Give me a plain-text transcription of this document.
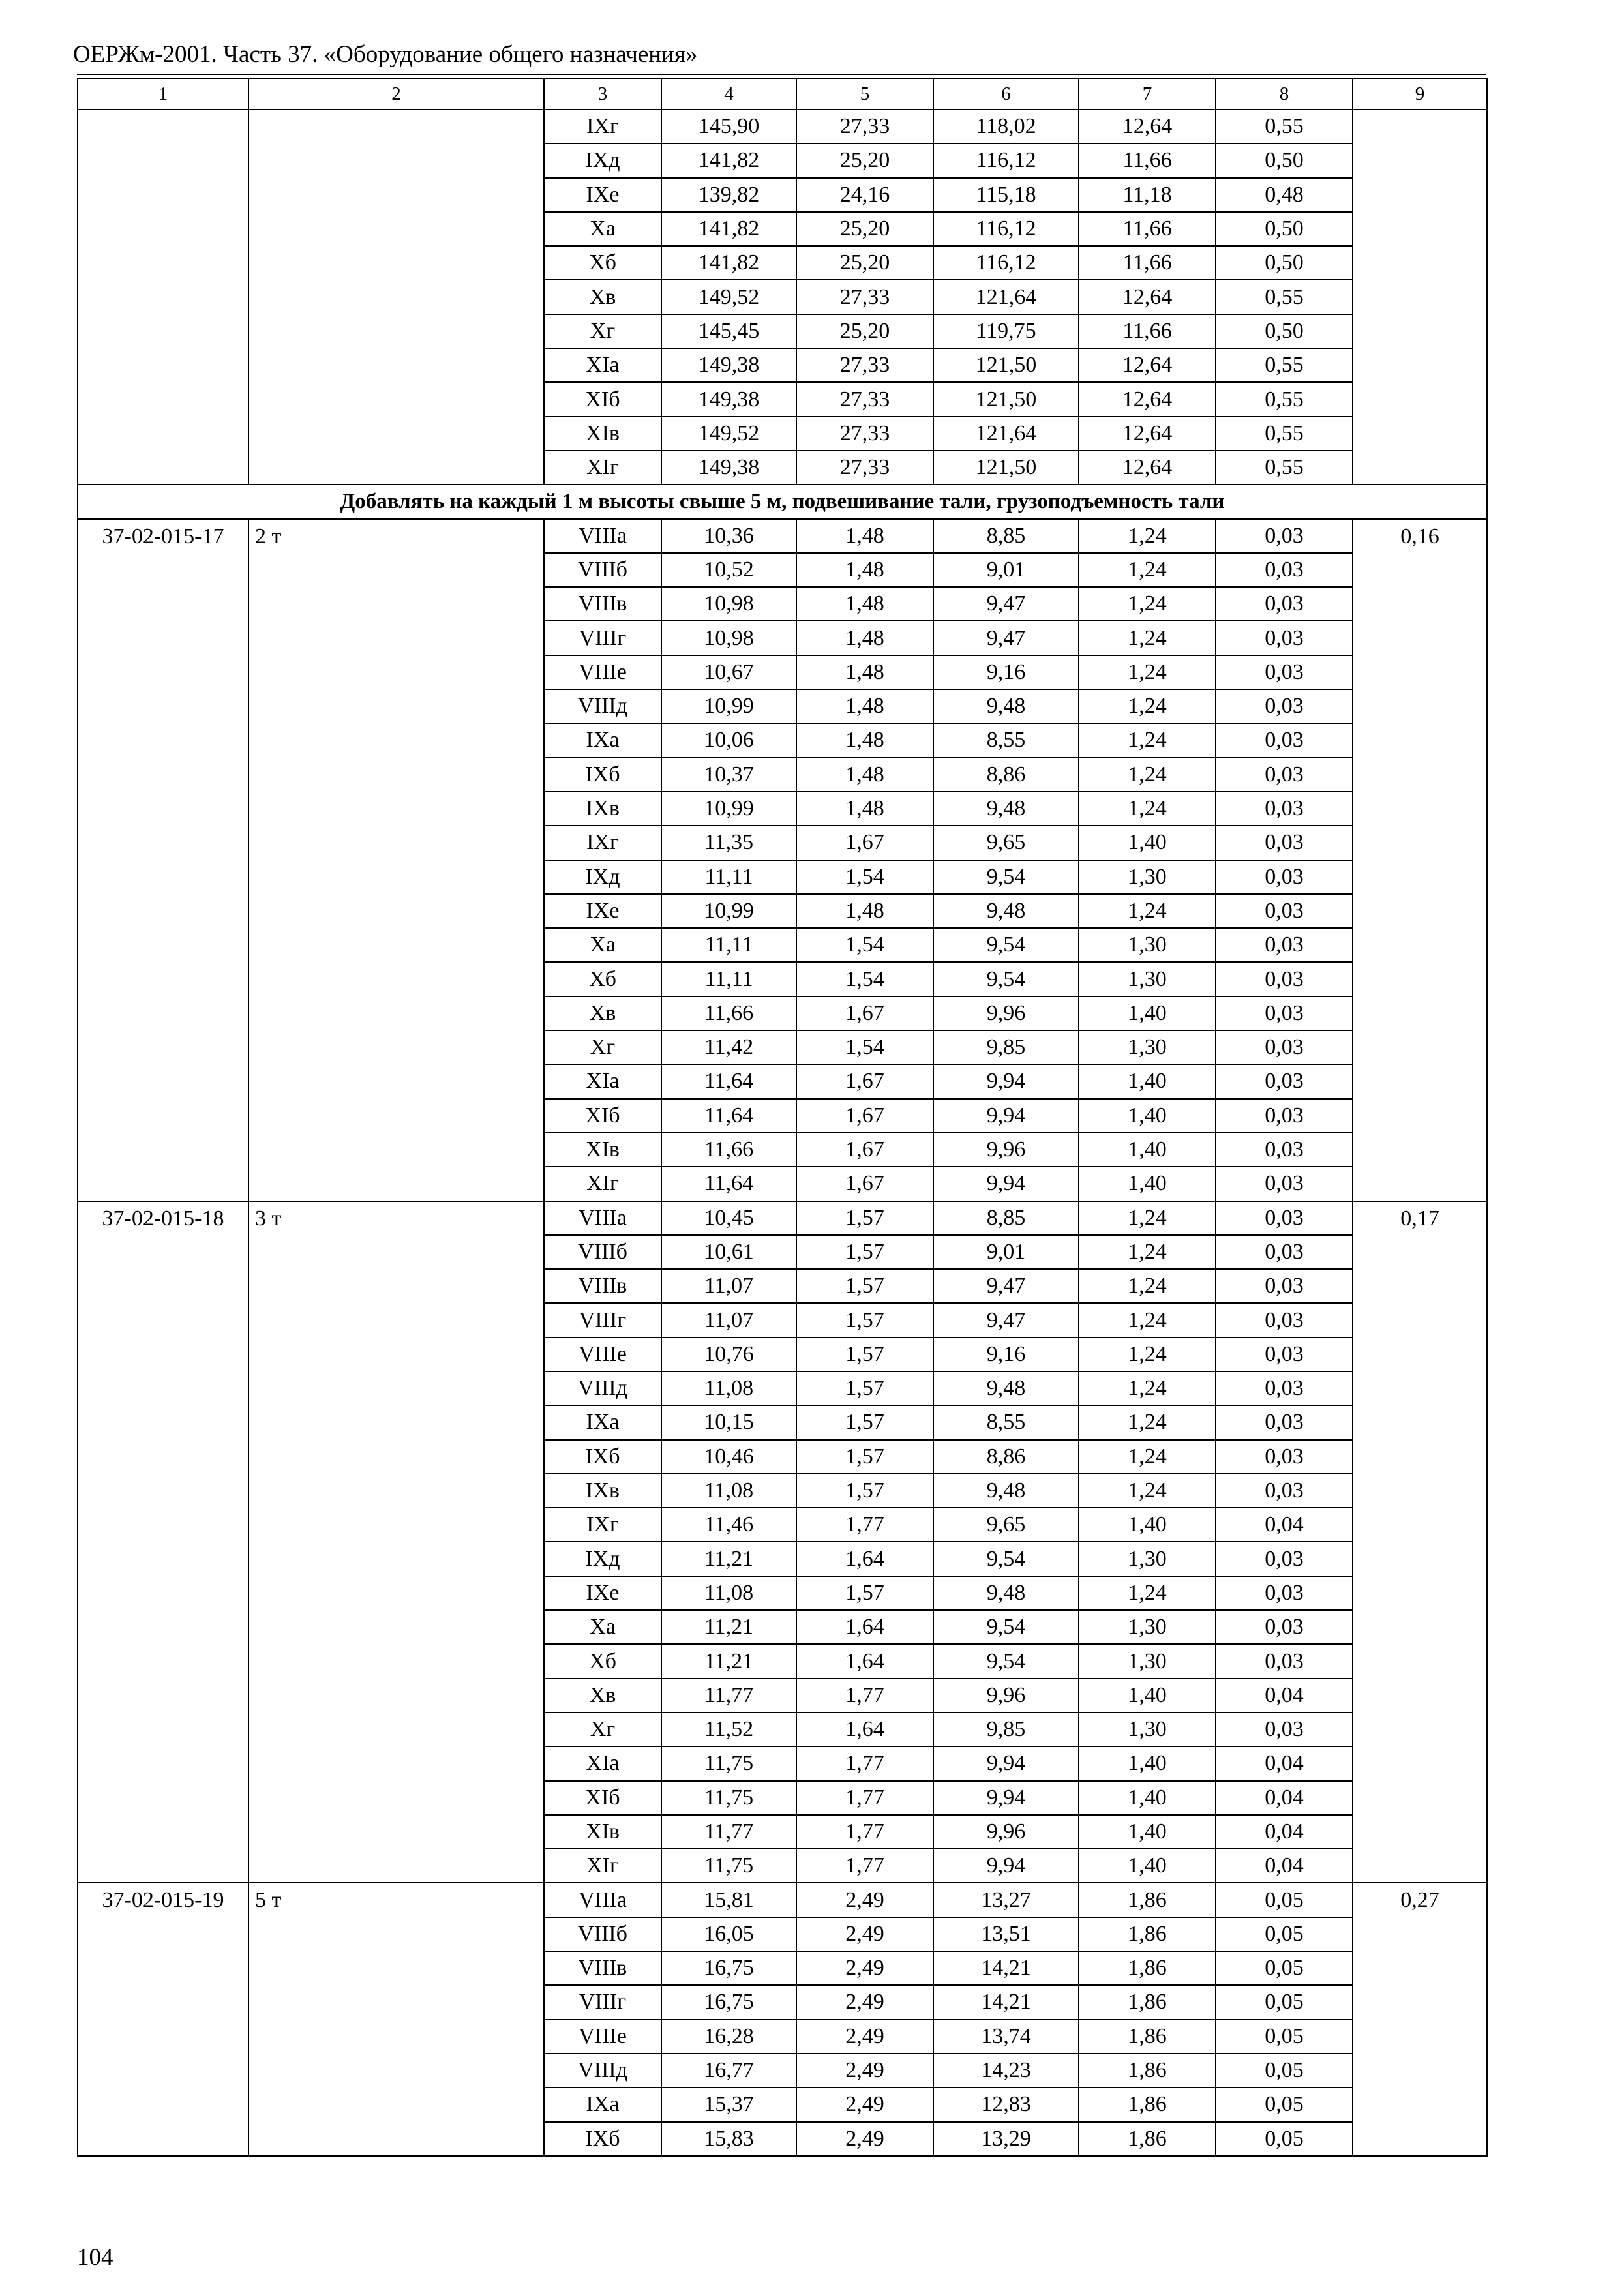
ОЕРЖм-2001. Часть 37. «Оборудование общего назначения»
1	2	3	4	5	6	7	8	9
		IXг	145,90	27,33	118,02	12,64	0,55	
		IXд	141,82	25,20	116,12	11,66	0,50	
		IXе	139,82	24,16	115,18	11,18	0,48	
		Xа	141,82	25,20	116,12	11,66	0,50	
		Xб	141,82	25,20	116,12	11,66	0,50	
		Xв	149,52	27,33	121,64	12,64	0,55	
		Xг	145,45	25,20	119,75	11,66	0,50	
		XIа	149,38	27,33	121,50	12,64	0,55	
		XIб	149,38	27,33	121,50	12,64	0,55	
		XIв	149,52	27,33	121,64	12,64	0,55	
		XIг	149,38	27,33	121,50	12,64	0,55	
Добавлять на каждый 1 м высоты свыше 5 м, подвешивание тали, грузоподъемность тали								
37-02-015-17	2 т	VIIIа	10,36	1,48	8,85	1,24	0,03	0,16
		VIIIб	10,52	1,48	9,01	1,24	0,03	
		VIIIв	10,98	1,48	9,47	1,24	0,03	
		VIIIг	10,98	1,48	9,47	1,24	0,03	
		VIIIе	10,67	1,48	9,16	1,24	0,03	
		VIIIд	10,99	1,48	9,48	1,24	0,03	
		IXа	10,06	1,48	8,55	1,24	0,03	
		IXб	10,37	1,48	8,86	1,24	0,03	
		IXв	10,99	1,48	9,48	1,24	0,03	
		IXг	11,35	1,67	9,65	1,40	0,03	
		IXд	11,11	1,54	9,54	1,30	0,03	
		IXе	10,99	1,48	9,48	1,24	0,03	
		Xа	11,11	1,54	9,54	1,30	0,03	
		Xб	11,11	1,54	9,54	1,30	0,03	
		Xв	11,66	1,67	9,96	1,40	0,03	
		Xг	11,42	1,54	9,85	1,30	0,03	
		XIа	11,64	1,67	9,94	1,40	0,03	
		XIб	11,64	1,67	9,94	1,40	0,03	
		XIв	11,66	1,67	9,96	1,40	0,03	
		XIг	11,64	1,67	9,94	1,40	0,03	
37-02-015-18	3 т	VIIIа	10,45	1,57	8,85	1,24	0,03	0,17
		VIIIб	10,61	1,57	9,01	1,24	0,03	
		VIIIв	11,07	1,57	9,47	1,24	0,03	
		VIIIг	11,07	1,57	9,47	1,24	0,03	
		VIIIе	10,76	1,57	9,16	1,24	0,03	
		VIIIд	11,08	1,57	9,48	1,24	0,03	
		IXа	10,15	1,57	8,55	1,24	0,03	
		IXб	10,46	1,57	8,86	1,24	0,03	
		IXв	11,08	1,57	9,48	1,24	0,03	
		IXг	11,46	1,77	9,65	1,40	0,04	
		IXд	11,21	1,64	9,54	1,30	0,03	
		IXе	11,08	1,57	9,48	1,24	0,03	
		Xа	11,21	1,64	9,54	1,30	0,03	
		Xб	11,21	1,64	9,54	1,30	0,03	
		Xв	11,77	1,77	9,96	1,40	0,04	
		Xг	11,52	1,64	9,85	1,30	0,03	
		XIа	11,75	1,77	9,94	1,40	0,04	
		XIб	11,75	1,77	9,94	1,40	0,04	
		XIв	11,77	1,77	9,96	1,40	0,04	
		XIг	11,75	1,77	9,94	1,40	0,04	
37-02-015-19	5 т	VIIIа	15,81	2,49	13,27	1,86	0,05	0,27
		VIIIб	16,05	2,49	13,51	1,86	0,05	
		VIIIв	16,75	2,49	14,21	1,86	0,05	
		VIIIг	16,75	2,49	14,21	1,86	0,05	
		VIIIе	16,28	2,49	13,74	1,86	0,05	
		VIIIд	16,77	2,49	14,23	1,86	0,05	
		IXа	15,37	2,49	12,83	1,86	0,05	
		IXб	15,83	2,49	13,29	1,86	0,05	
104
